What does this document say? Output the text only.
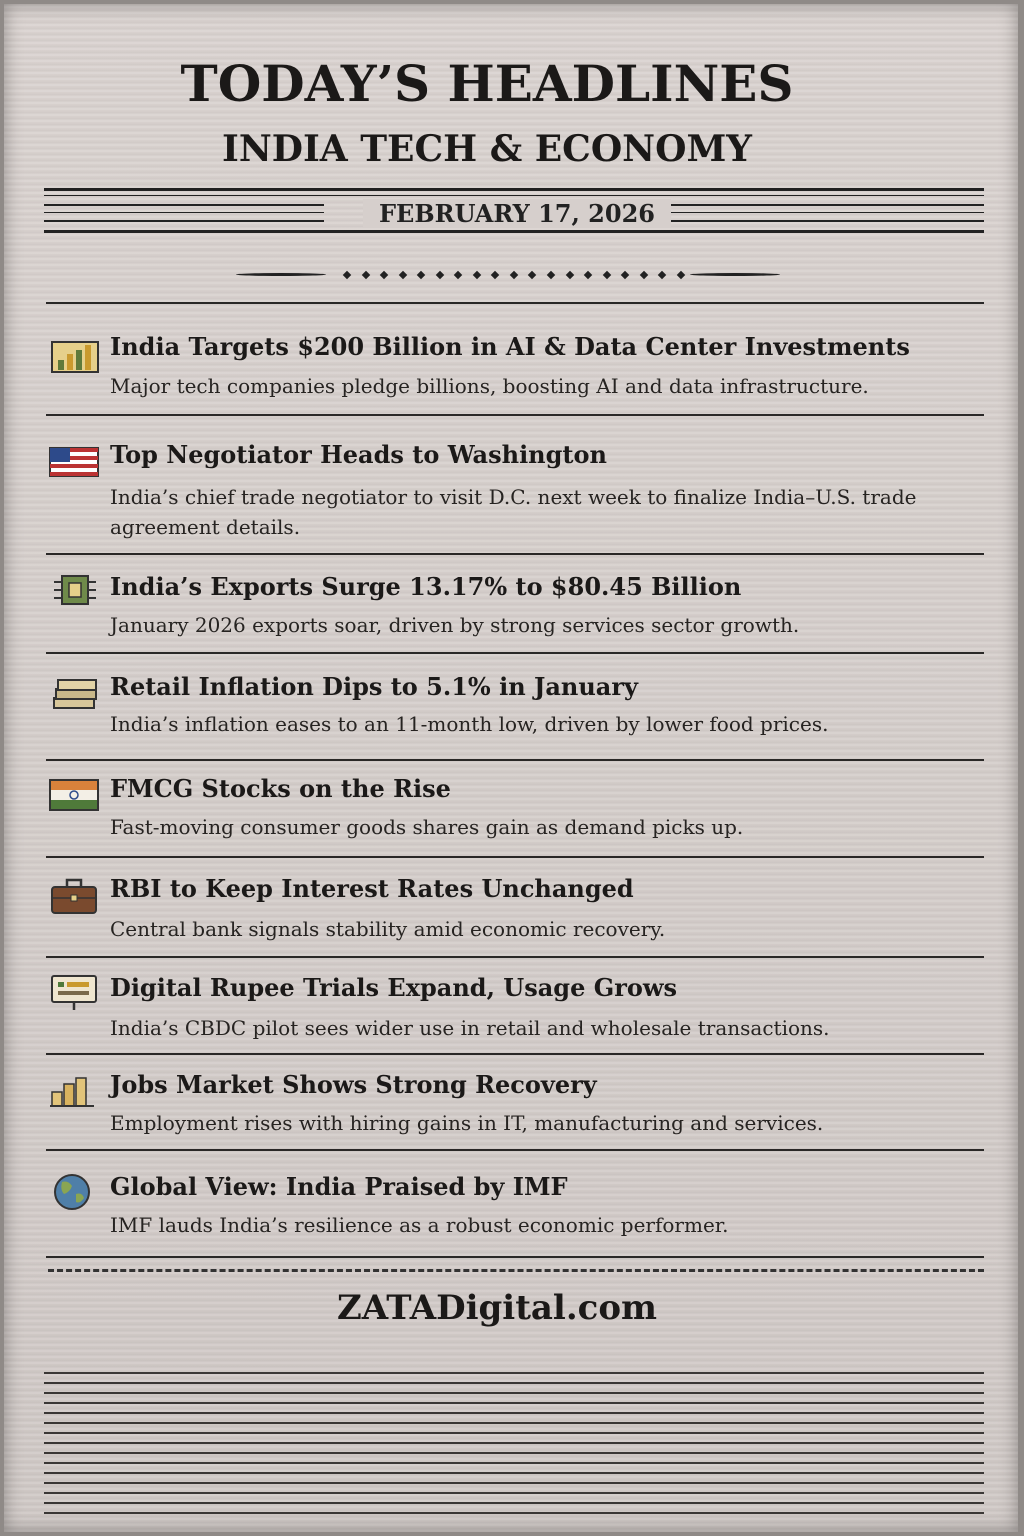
TODAY’S HEADLINES
INDIA TECH & ECONOMY
FEBRUARY 17, 2026
India Targets $200 Billion in AI & Data Center Investments
Major tech companies pledge billions, boosting AI and data infrastructure.
Top Negotiator Heads to Washington
India’s chief trade negotiator to visit D.C. next week to finalize India–U.S. trade agreement details.
India’s Exports Surge 13.17% to $80.45 Billion
January 2026 exports soar, driven by strong services sector growth.
Retail Inflation Dips to 5.1% in January
India’s inflation eases to an 11-month low, driven by lower food prices.
FMCG Stocks on the Rise
Fast-moving consumer goods shares gain as demand picks up.
RBI to Keep Interest Rates Unchanged
Central bank signals stability amid economic recovery.
Digital Rupee Trials Expand, Usage Grows
India’s CBDC pilot sees wider use in retail and wholesale transactions.
Jobs Market Shows Strong Recovery
Employment rises with hiring gains in IT, manufacturing and services.
Global View: India Praised by IMF
IMF lauds India’s resilience as a robust economic performer.
ZATADigital.com
